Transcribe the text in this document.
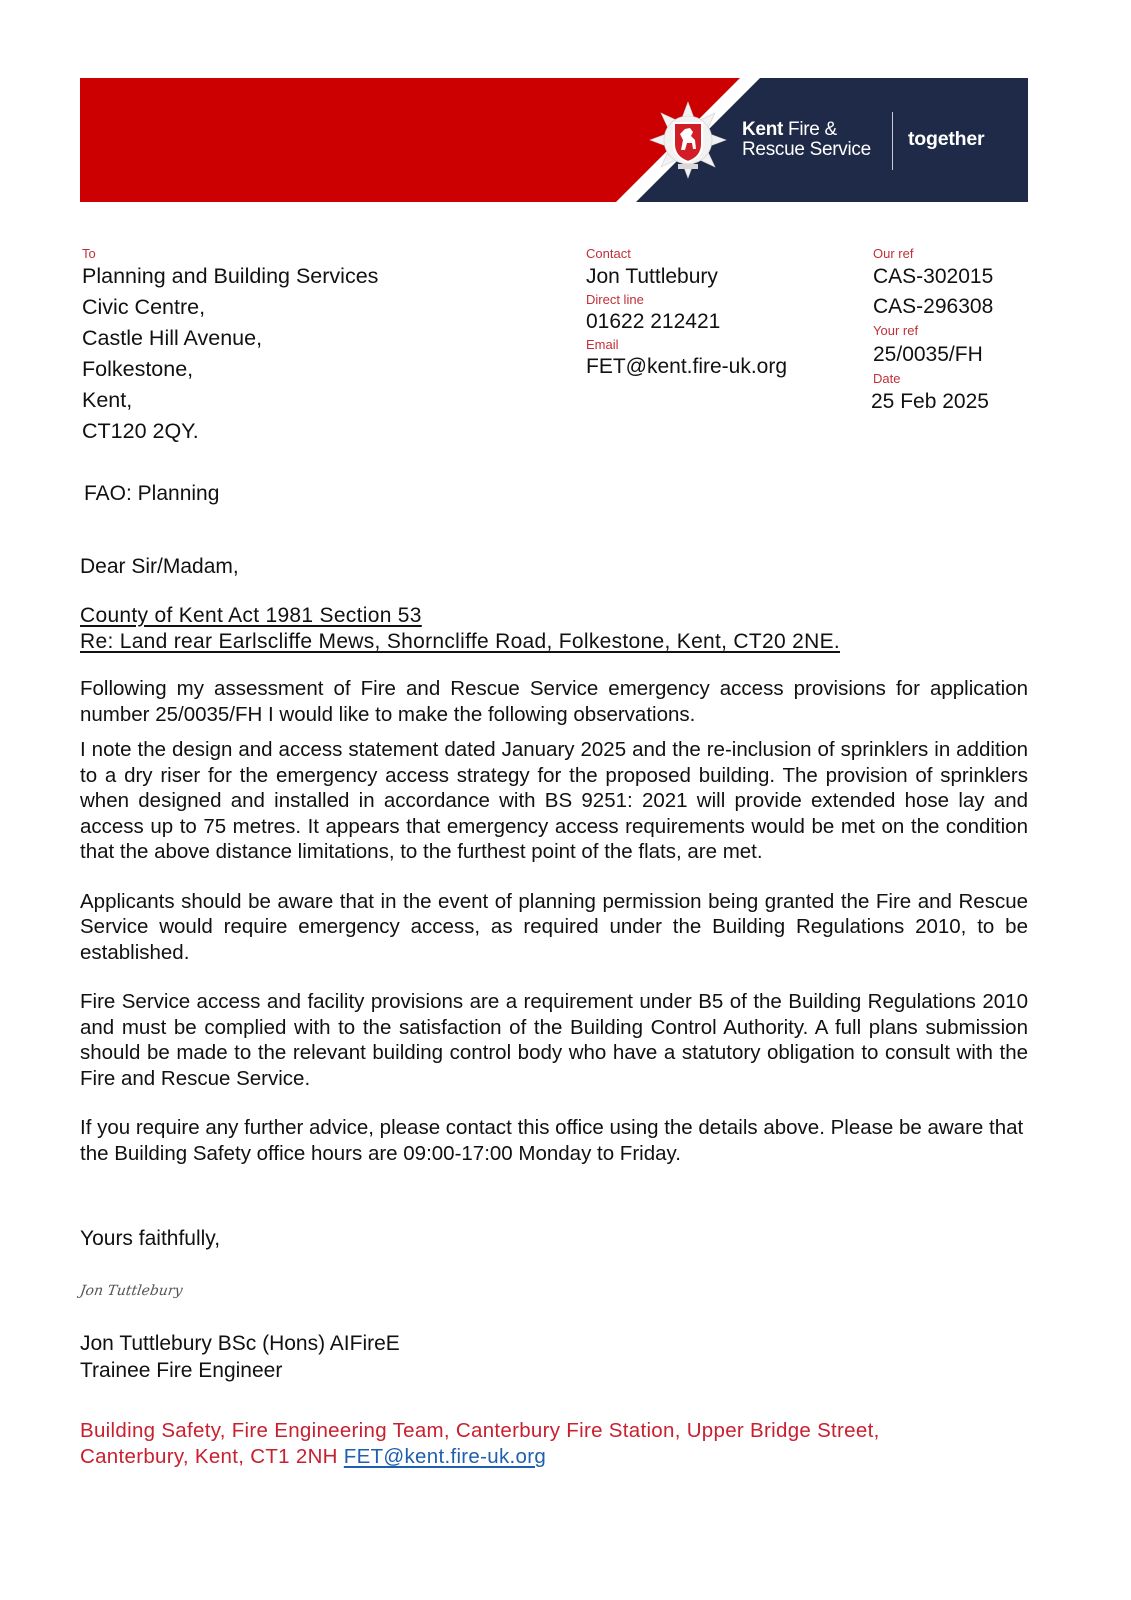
Kent Fire &
Rescue Service together
To
Planning and Building Services
Civic Centre,
Castle Hill Avenue,
Folkestone,
Kent,
CT120 2QY.
Contact
Jon Tuttlebury
Direct line
01622 212421
Email
FET@kent.fire-uk.org
Our ref
CAS-302015
CAS-296308
Your ref
25/0035/FH
Date
25 Feb 2025
FAO: Planning
Dear Sir/Madam,
County of Kent Act 1981 Section 53
Re: Land rear Earlscliffe Mews, Shorncliffe Road, Folkestone, Kent, CT20 2NE.

Following my assessment of Fire and Rescue Service emergency access provisions for application number 25/0035/FH I would like to make the following observations.

I note the design and access statement dated January 2025 and the re-inclusion of sprinklers in addition to a dry riser for the emergency access strategy for the proposed building. The provision of sprinklers when designed and installed in accordance with BS 9251: 2021 will provide extended hose lay and access up to 75 metres. It appears that emergency access requirements would be met on the condition that the above distance limitations, to the furthest point of the flats, are met.

Applicants should be aware that in the event of planning permission being granted the Fire and Rescue Service would require emergency access, as required under the Building Regulations 2010, to be established.

Fire Service access and facility provisions are a requirement under B5 of the Building Regulations 2010 and must be complied with to the satisfaction of the Building Control Authority. A full plans submission should be made to the relevant building control body who have a statutory obligation to consult with the Fire and Rescue Service.

If you require any further advice, please contact this office using the details above. Please be aware that the Building Safety office hours are 09:00-17:00 Monday to Friday.

Yours faithfully,
Jon Tuttlebury
Jon Tuttlebury BSc (Hons) AIFireE
Trainee Fire Engineer
Building Safety, Fire Engineering Team, Canterbury Fire Station, Upper Bridge Street,
Canterbury, Kent, CT1 2NH FET@kent.fire-uk.org
